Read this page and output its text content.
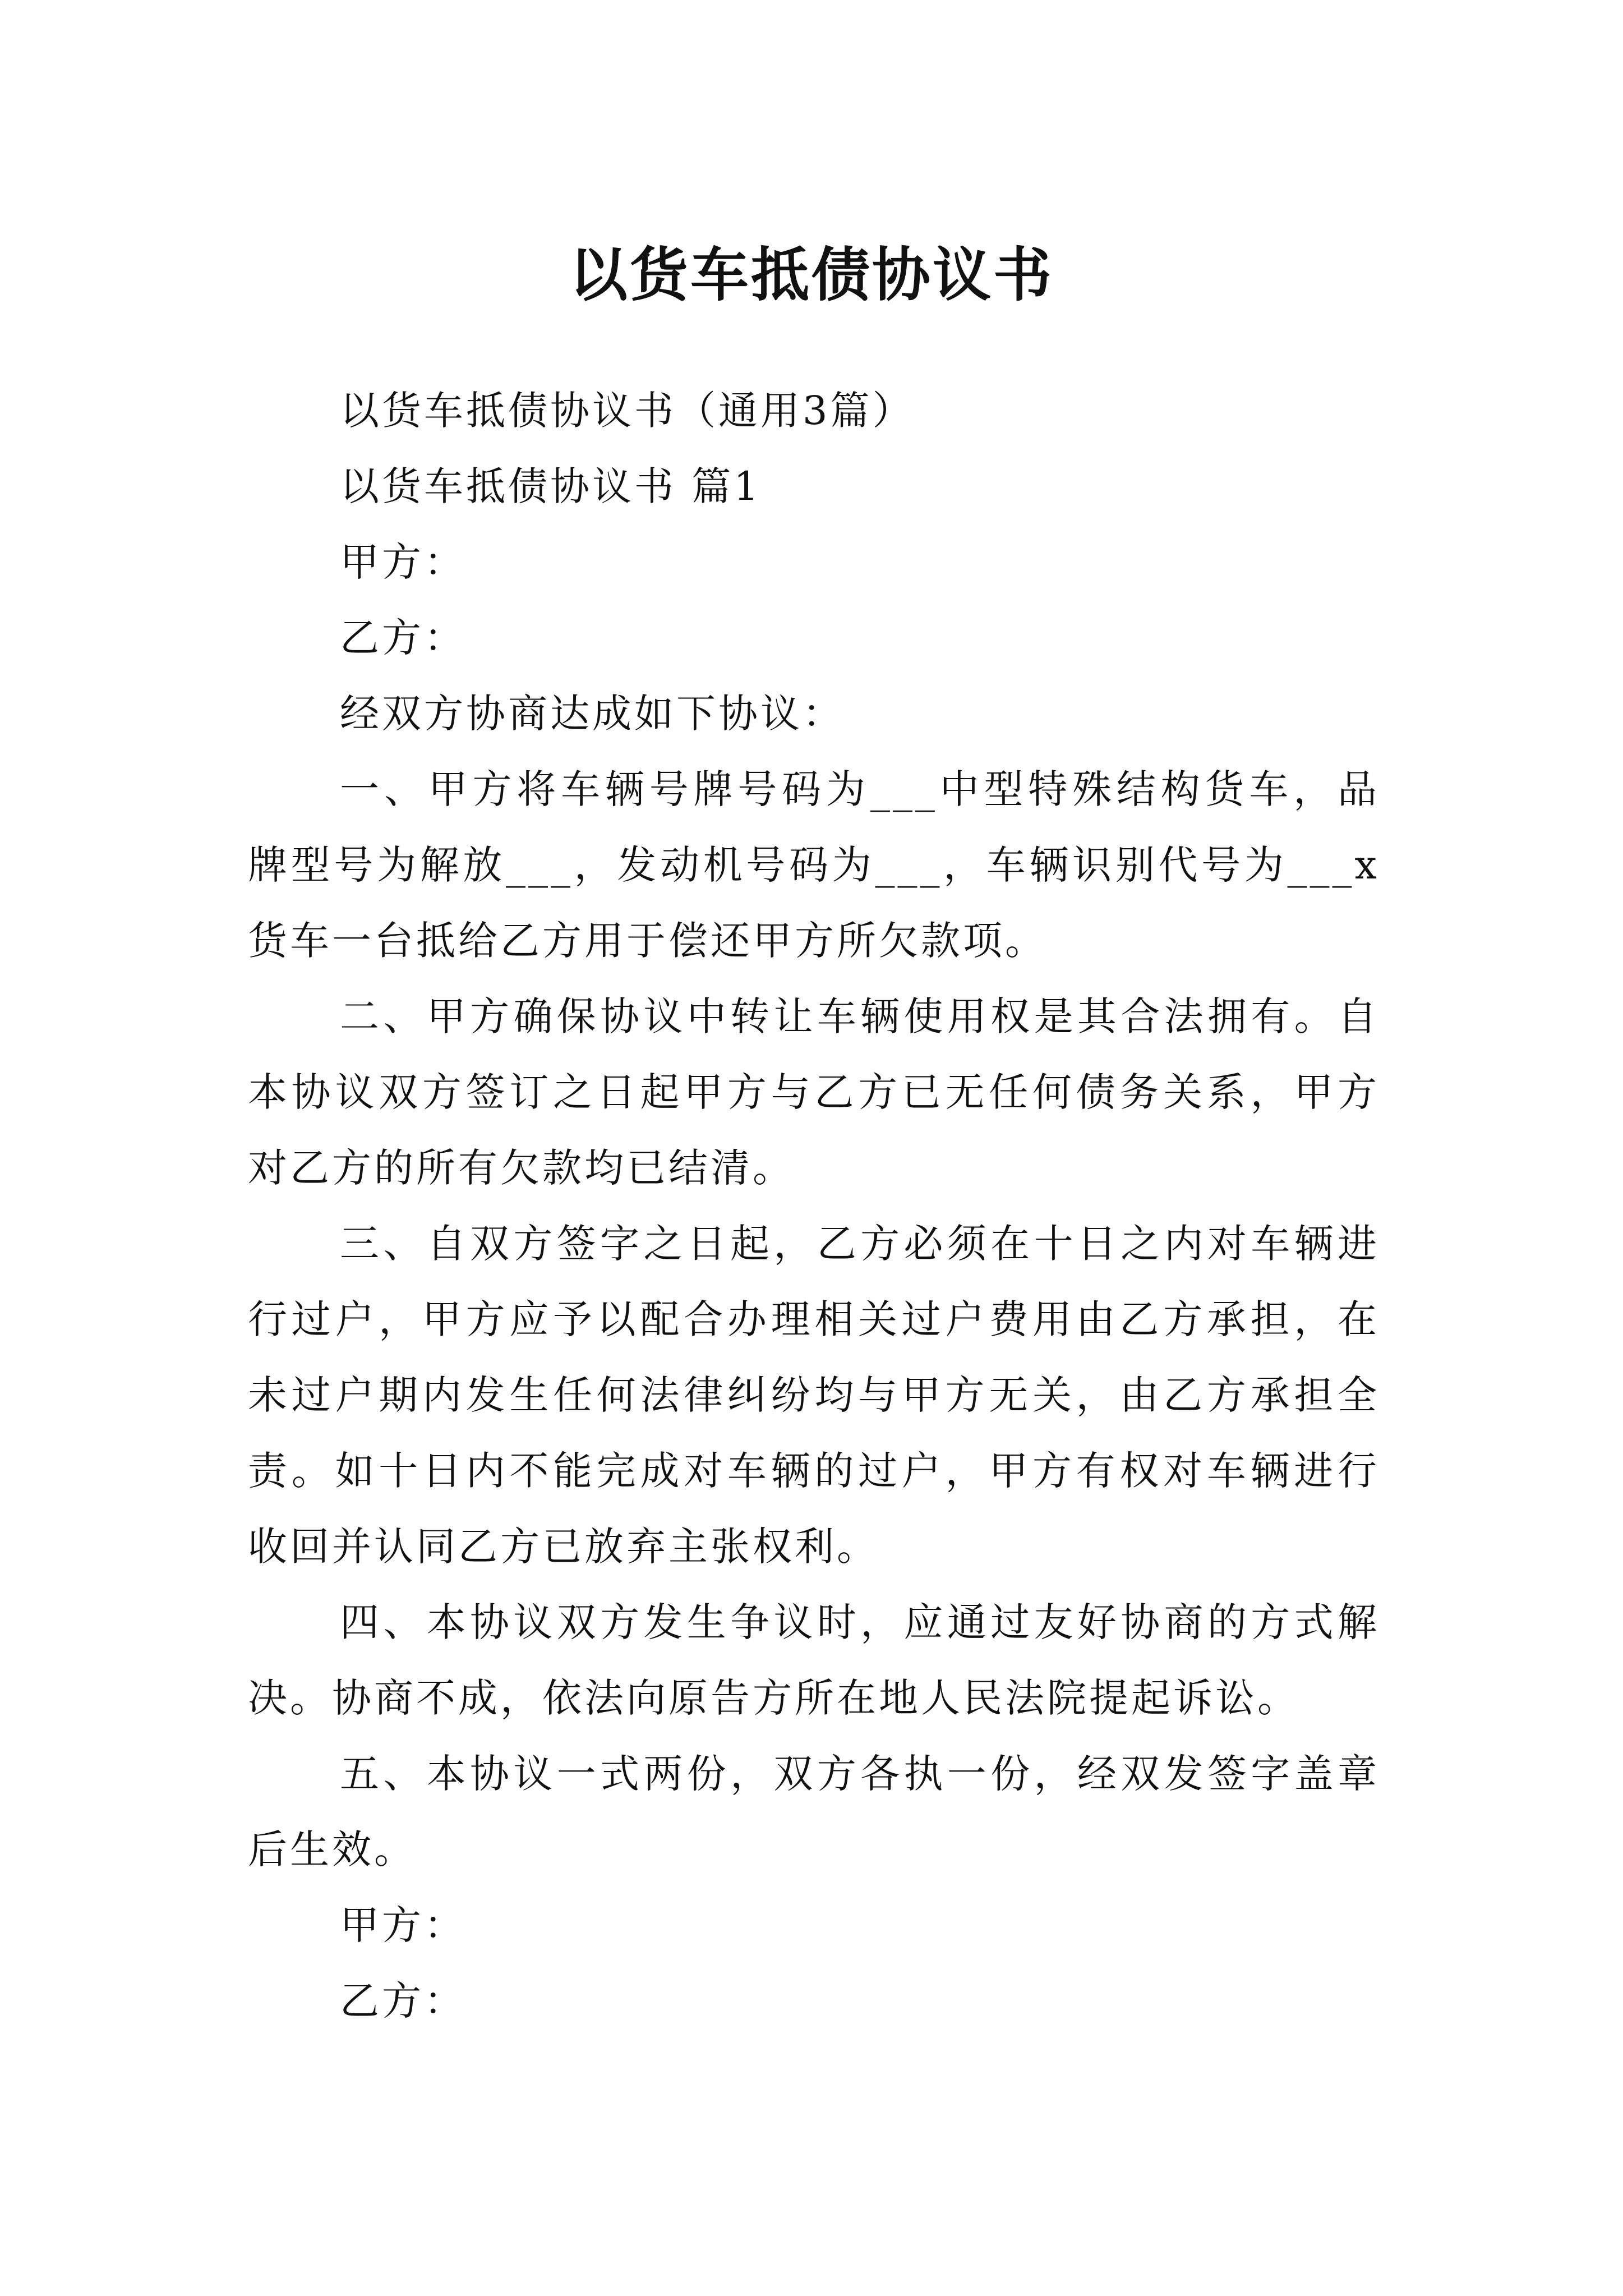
以货车抵债协议书

以货车抵债协议书（通用3篇）

以货车抵债协议书 篇1

甲方：

乙方：

经双方协商达成如下协议：

一、甲方将车辆号牌号码为___中型特殊结构货车，品

牌型号为解放___，发动机号码为___，车辆识别代号为___x

货车一台抵给乙方用于偿还甲方所欠款项。

二、甲方确保协议中转让车辆使用权是其合法拥有。自

本协议双方签订之日起甲方与乙方已无任何债务关系，甲方

对乙方的所有欠款均已结清。

三、自双方签字之日起，乙方必须在十日之内对车辆进

行过户，甲方应予以配合办理相关过户费用由乙方承担，在

未过户期内发生任何法律纠纷均与甲方无关，由乙方承担全

责。如十日内不能完成对车辆的过户，甲方有权对车辆进行

收回并认同乙方已放弃主张权利。

四、本协议双方发生争议时，应通过友好协商的方式解

决。协商不成，依法向原告方所在地人民法院提起诉讼。

五、本协议一式两份，双方各执一份，经双发签字盖章

后生效。

甲方：

乙方：
